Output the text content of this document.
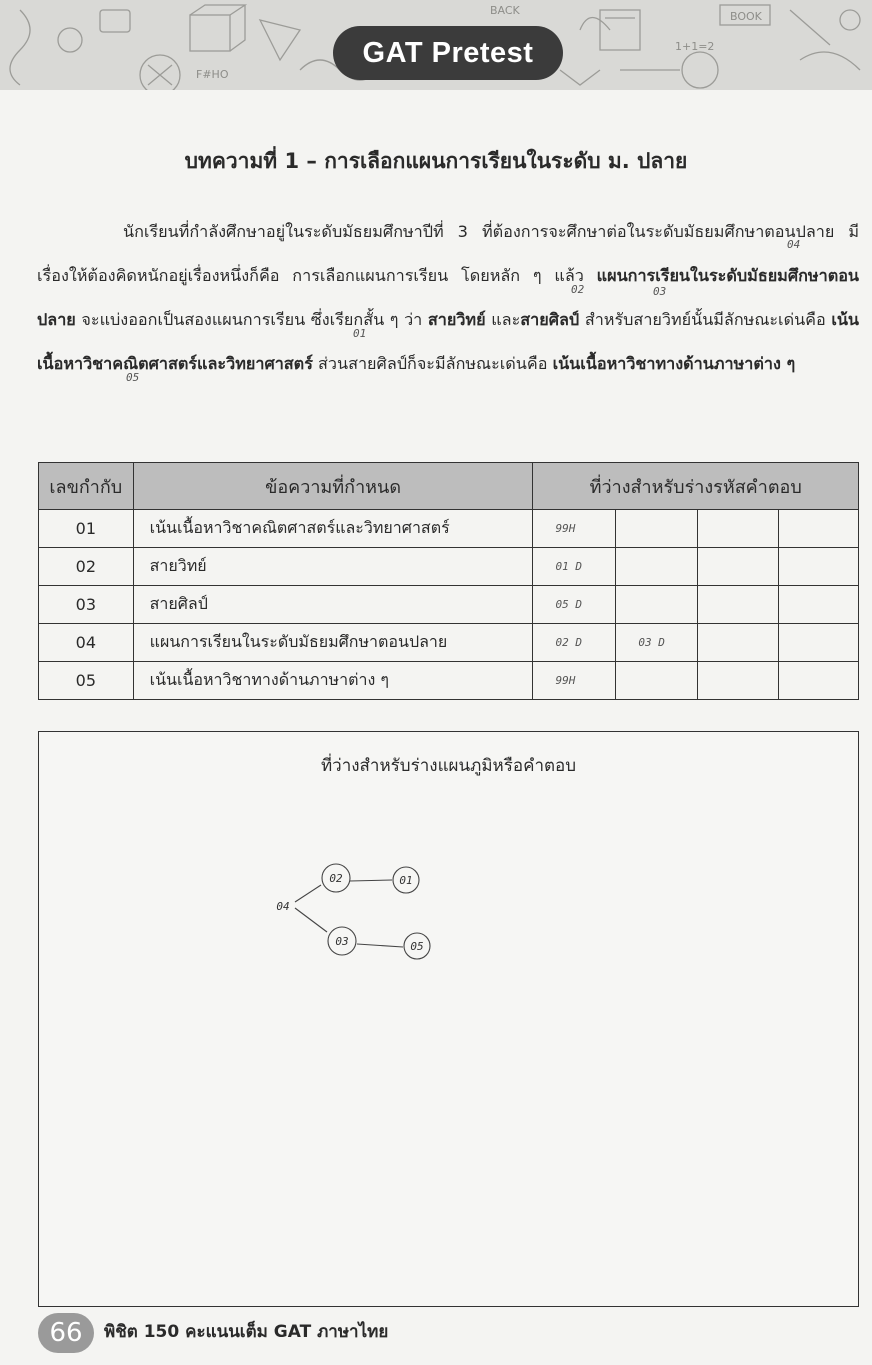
BACK	BOOK
1+1=2
F#HO
GAT Pretest
บทความที่ 1 – การเลือกแผนการเรียนในระดับ ม. ปลาย
นักเรียนที่กำลังศึกษาอยู่ในระดับมัธยมศึกษาปีที่ 3 ที่ต้องการจะศึกษาต่อในระดับมัธยมศึกษาตอนปลาย มีเรื่องให้ต้องคิดหนักอยู่เรื่องหนึ่งก็คือ การเลือกแผนการเรียน โดยหลัก ๆ แล้ว แผนการเรียนในระดับมัธยมศึกษาตอนปลาย จะแบ่งออกเป็นสองแผนการเรียน ซึ่งเรียกสั้น ๆ ว่า สายวิทย์ และสายศิลป์ สำหรับสายวิทย์นั้นมีลักษณะเด่นคือ เน้นเนื้อหาวิชาคณิตศาสตร์และวิทยาศาสตร์ ส่วนสายศิลป์ก็จะมีลักษณะเด่นคือ เน้นเนื้อหาวิชาทางด้านภาษาต่าง ๆ
02
04
03
01
05
เลขกำกับ	ข้อความที่กำหนด	ที่ว่างสำหรับร่างรหัสคำตอบ			
01	เน้นเนื้อหาวิชาคณิตศาสตร์และวิทยาศาสตร์	99H			
02	สายวิทย์	01 D			
03	สายศิลป์	05 D			
04	แผนการเรียนในระดับมัธยมศึกษาตอนปลาย	02 D	03 D		
05	เน้นเนื้อหาวิชาทางด้านภาษาต่าง ๆ	99H			
ที่ว่างสำหรับร่างแผนภูมิหรือคำตอบ
04
02	01
03	05
66	พิชิต 150 คะแนนเต็ม GAT ภาษาไทย
